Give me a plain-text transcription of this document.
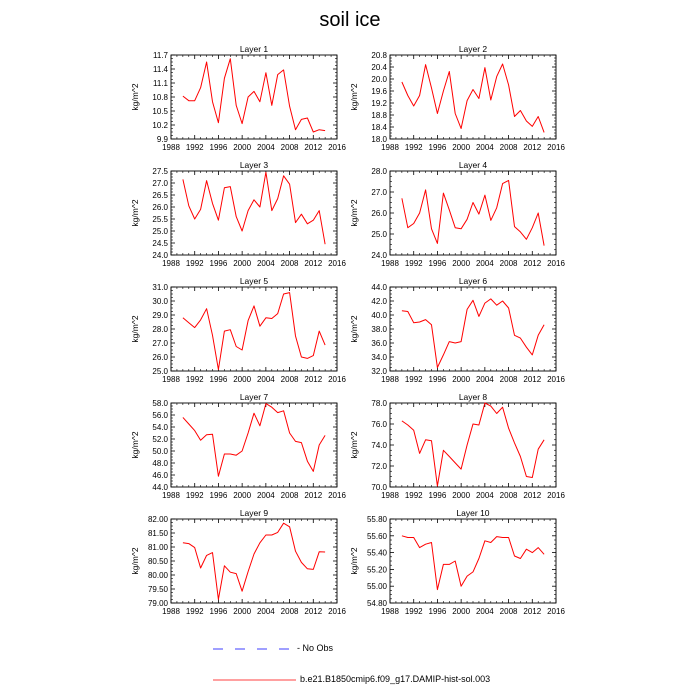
soil ice
Layer 1
kg/m^2
9.9
10.2
10.5
10.8
11.1
11.4
11.7
1988 1992 1996 2000 2004 2008 2012 2016
Layer 2
kg/m^2
18.0
18.4
18.8
19.2
19.6
20.0
20.4
20.8
1988 1992 1996 2000 2004 2008 2012 2016
Layer 3
kg/m^2
24.0
24.5
25.0
25.5
26.0
26.5
27.0
27.5
1988 1992 1996 2000 2004 2008 2012 2016
Layer 4
kg/m^2
24.0
25.0
26.0
27.0
28.0
1988 1992 1996 2000 2004 2008 2012 2016
Layer 5
kg/m^2
25.0
26.0
27.0
28.0
29.0
30.0
31.0
1988 1992 1996 2000 2004 2008 2012 2016
Layer 6
kg/m^2
32.0
34.0
36.0
38.0
40.0
42.0
44.0
1988 1992 1996 2000 2004 2008 2012 2016
Layer 7
kg/m^2
44.0
46.0
48.0
50.0
52.0
54.0
56.0
58.0
1988 1992 1996 2000 2004 2008 2012 2016
Layer 8
kg/m^2
70.0
72.0
74.0
76.0
78.0
1988 1992 1996 2000 2004 2008 2012 2016
Layer 9
kg/m^2
79.00
79.50
80.00
80.50
81.00
81.50
82.00
1988 1992 1996 2000 2004 2008 2012 2016
Layer 10
kg/m^2
54.80
55.00
55.20
55.40
55.60
55.80
1988 1992 1996 2000 2004 2008 2012 2016
- No Obs
b.e21.B1850cmip6.f09_g17.DAMIP-hist-sol.003
